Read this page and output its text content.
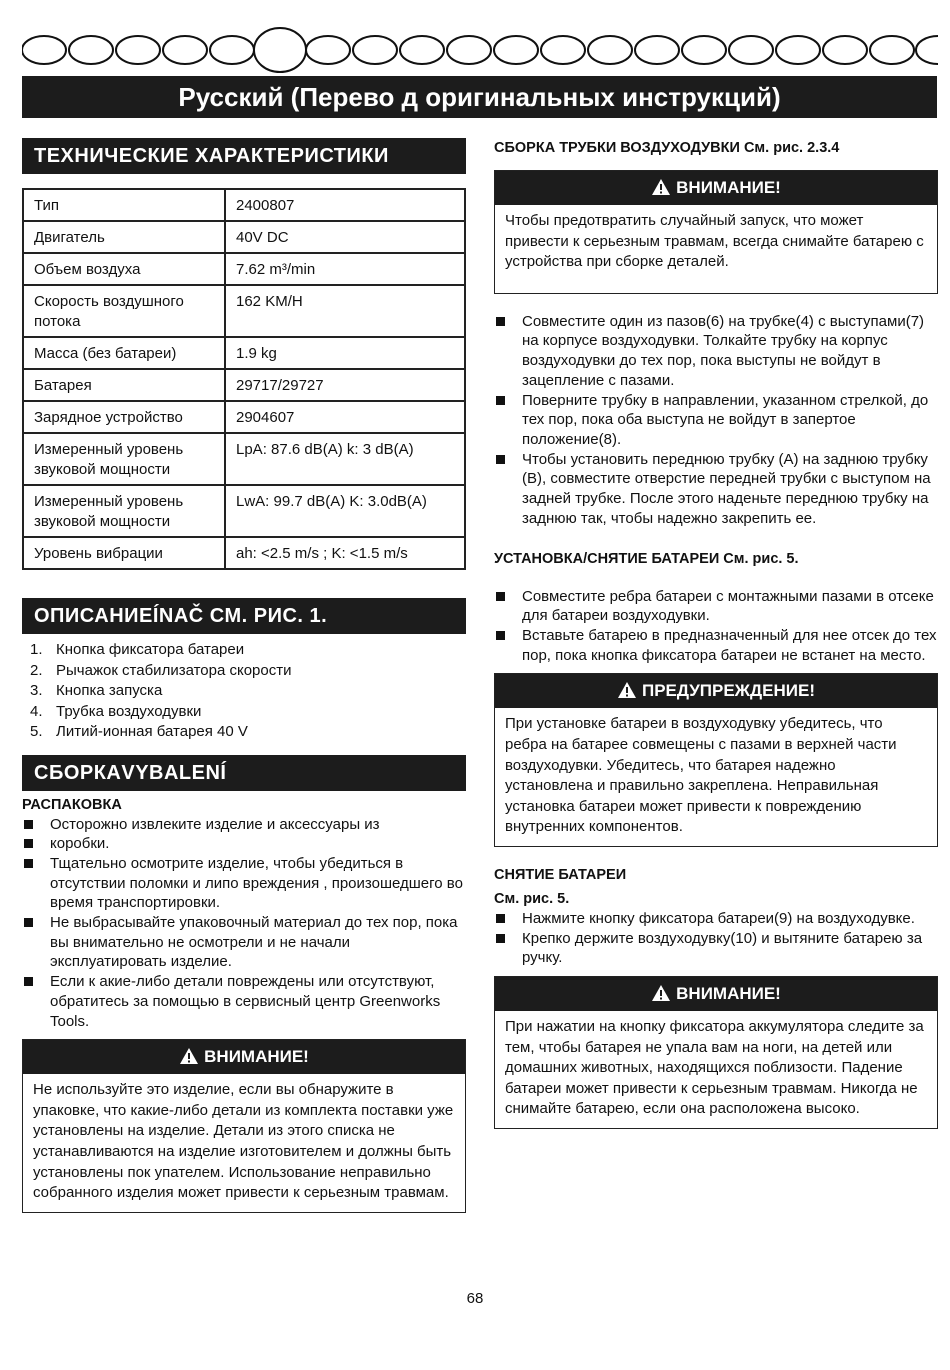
Русский (Перево д оригинальных инструкций)
ТЕХНИЧЕСКИЕ ХАРАКТЕРИСТИКИ
Тип	2400807
Двигатель	40V DC
Объем воздуха	7.62 m³/min
Скорость воздушного потока	162 KM/H
Масса (без батареи)	1.9 kg
Батарея	29717/29727
Зарядное устройство	2904607
Измеренный уровень звуковой мощности	LpA: 87.6 dB(A) k: 3 dB(A)
Измеренный уровень звуковой мощности	LwA: 99.7 dB(A) K: 3.0dB(A)
Уровень вибрации	ah: <2.5 m/s ; K: <1.5 m/s
ОПИСАНИЕÍNAČ СМ. РИС. 1.
1. Кнопка фиксатора батареи
2. Рычажок стабилизатора скорости
3. Кнопка запуска
4. Трубка воздуходувки
5. Литий-ионная батарея 40 V
СБОРКАVYBALENÍ
РАСПАКОВКА
Осторожно извлеките изделие и аксессуары из
коробки.
Тщательно осмотрите изделие, чтобы убедиться в отсутствии поломки и липо вреждения , произошедшего во время транспортировки.
Не выбрасывайте упаковочный материал до тех пор, пока вы внимательно не осмотрели и не начали эксплуатировать изделие.
Если к акие-либо детали повреждены или отсутствуют, обратитесь за помощью в сервисный центр Greenworks Tools.
ВНИМАНИЕ!
Не используйте это изделие, если вы обнаружите в упаковке, что какие-либо детали из комплекта поставки уже установлены на изделие. Детали из этого списка не устанавливаются на изделие изготовителем и должны быть установлены пок упателем. Использование неправильно собранного изделия может привести к серьезным травмам.
СБОРКА ТРУБКИ ВОЗДУХОДУВКИ См. рис. 2.3.4
ВНИМАНИЕ!
Чтобы предотвратить случайный запуск, что может привести к серьезным травмам, всегда снимайте батарею с устройства при сборке деталей.
Совместите один из пазов(6) на трубке(4) с выступами(7) на корпусе воздуходувки. Толкайте трубку на корпус воздуходувки до тех пор, пока выступы не войдут в зацепление с пазами.
Поверните трубку в направлении, указанном стрелкой, до тех пор, пока оба выступа не войдут в запертое положение(8).
Чтобы установить переднюю трубку (A) на заднюю трубку (B), совместите отверстие передней трубки с выступом на задней трубке. После этого наденьте переднюю трубку на заднюю так, чтобы надежно закрепить ее.
УСТАНОВКА/СНЯТИЕ БАТАРЕИ См. рис. 5.
Совместите ребра батареи с монтажными пазами в отсеке для батареи воздуходувки.
Вставьте батарею в предназначенный для нее отсек до тех пор, пока кнопка фиксатора батареи не встанет на место.
ПРЕДУПРЕЖДЕНИЕ!
При установке батареи в воздуходувку убедитесь, что ребра на батарее совмещены с пазами в верхней части воздуходувки. Убедитесь, что батарея надежно установлена и правильно закреплена. Неправильная установка батареи может привести к повреждению внутренних компонентов.
СНЯТИЕ БАТАРЕИ
См. рис. 5.
Нажмите кнопку фиксатора батареи(9) на воздуходувке.
Крепко держите воздуходувку(10) и вытяните батарею за ручку.
ВНИМАНИЕ!
При нажатии на кнопку фиксатора аккумулятора следите за тем, чтобы батарея не упала вам на ноги, на детей или домашних животных, находящихся поблизости. Падение батареи может привести к серьезным травмам. Никогда не снимайте батарею, если она расположена высоко.
68
